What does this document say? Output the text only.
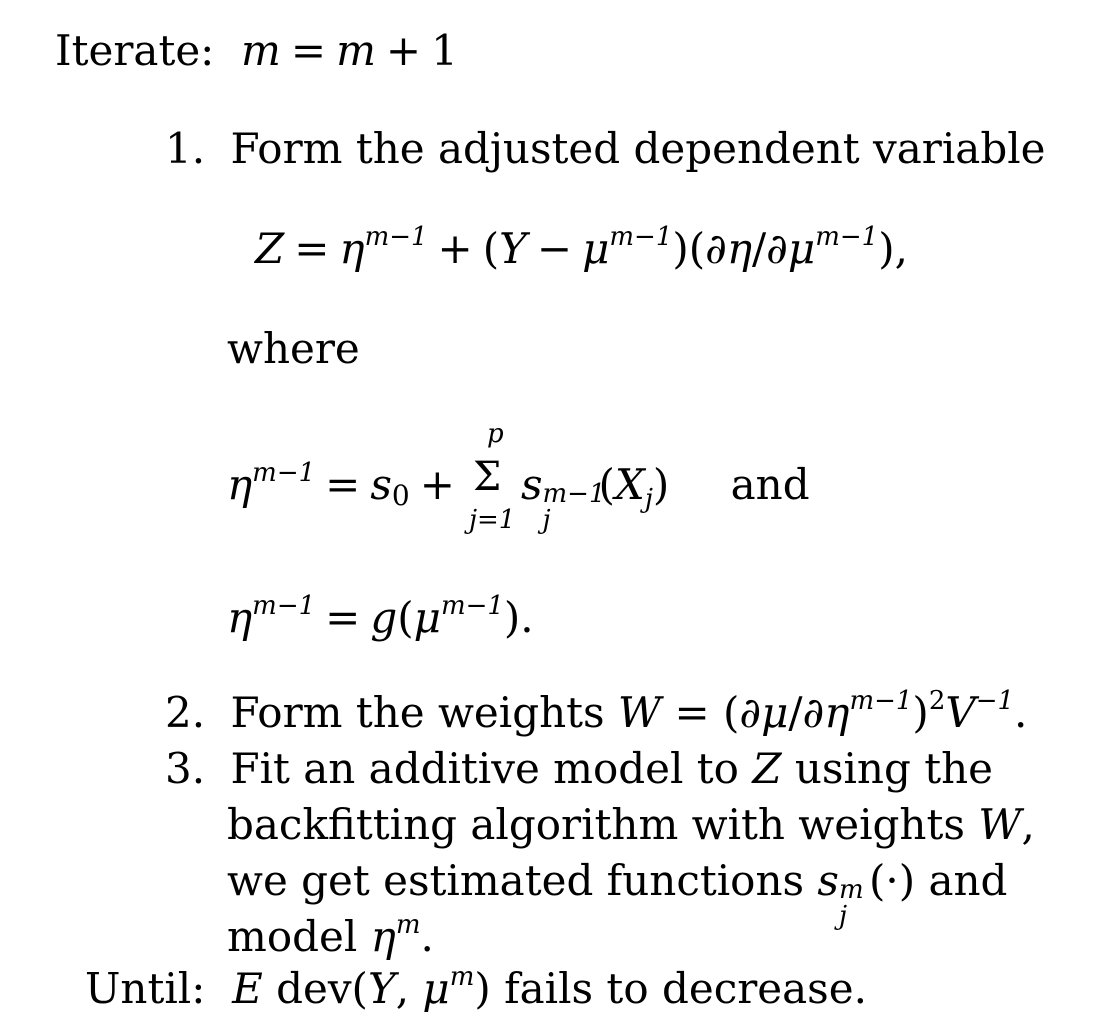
Iterate:  m = m + 1
1. Form the adjusted dependent variable
$Z = \eta^{m-1} + (Y - \mu^{m-1})(\partial\eta/\partial\mu^{m-1})$,
where
$\eta^{m-1} = s0$ +
p
Σ
j=1
s m−1
j
(Xj) and
$\eta^{m-1} = g(\mu^{m-1})$.
2. Form the weights $W = (\partial\mu/\partial\eta^{m-1})^2V^{-1}$.
3. Fit an additive model to Z using the
backfitting algorithm with weights W,
we get estimated functions s m
j
(·) and
model $\eta^m$.
Until: E dev(Y, $\mu^m$) fails to decrease.
